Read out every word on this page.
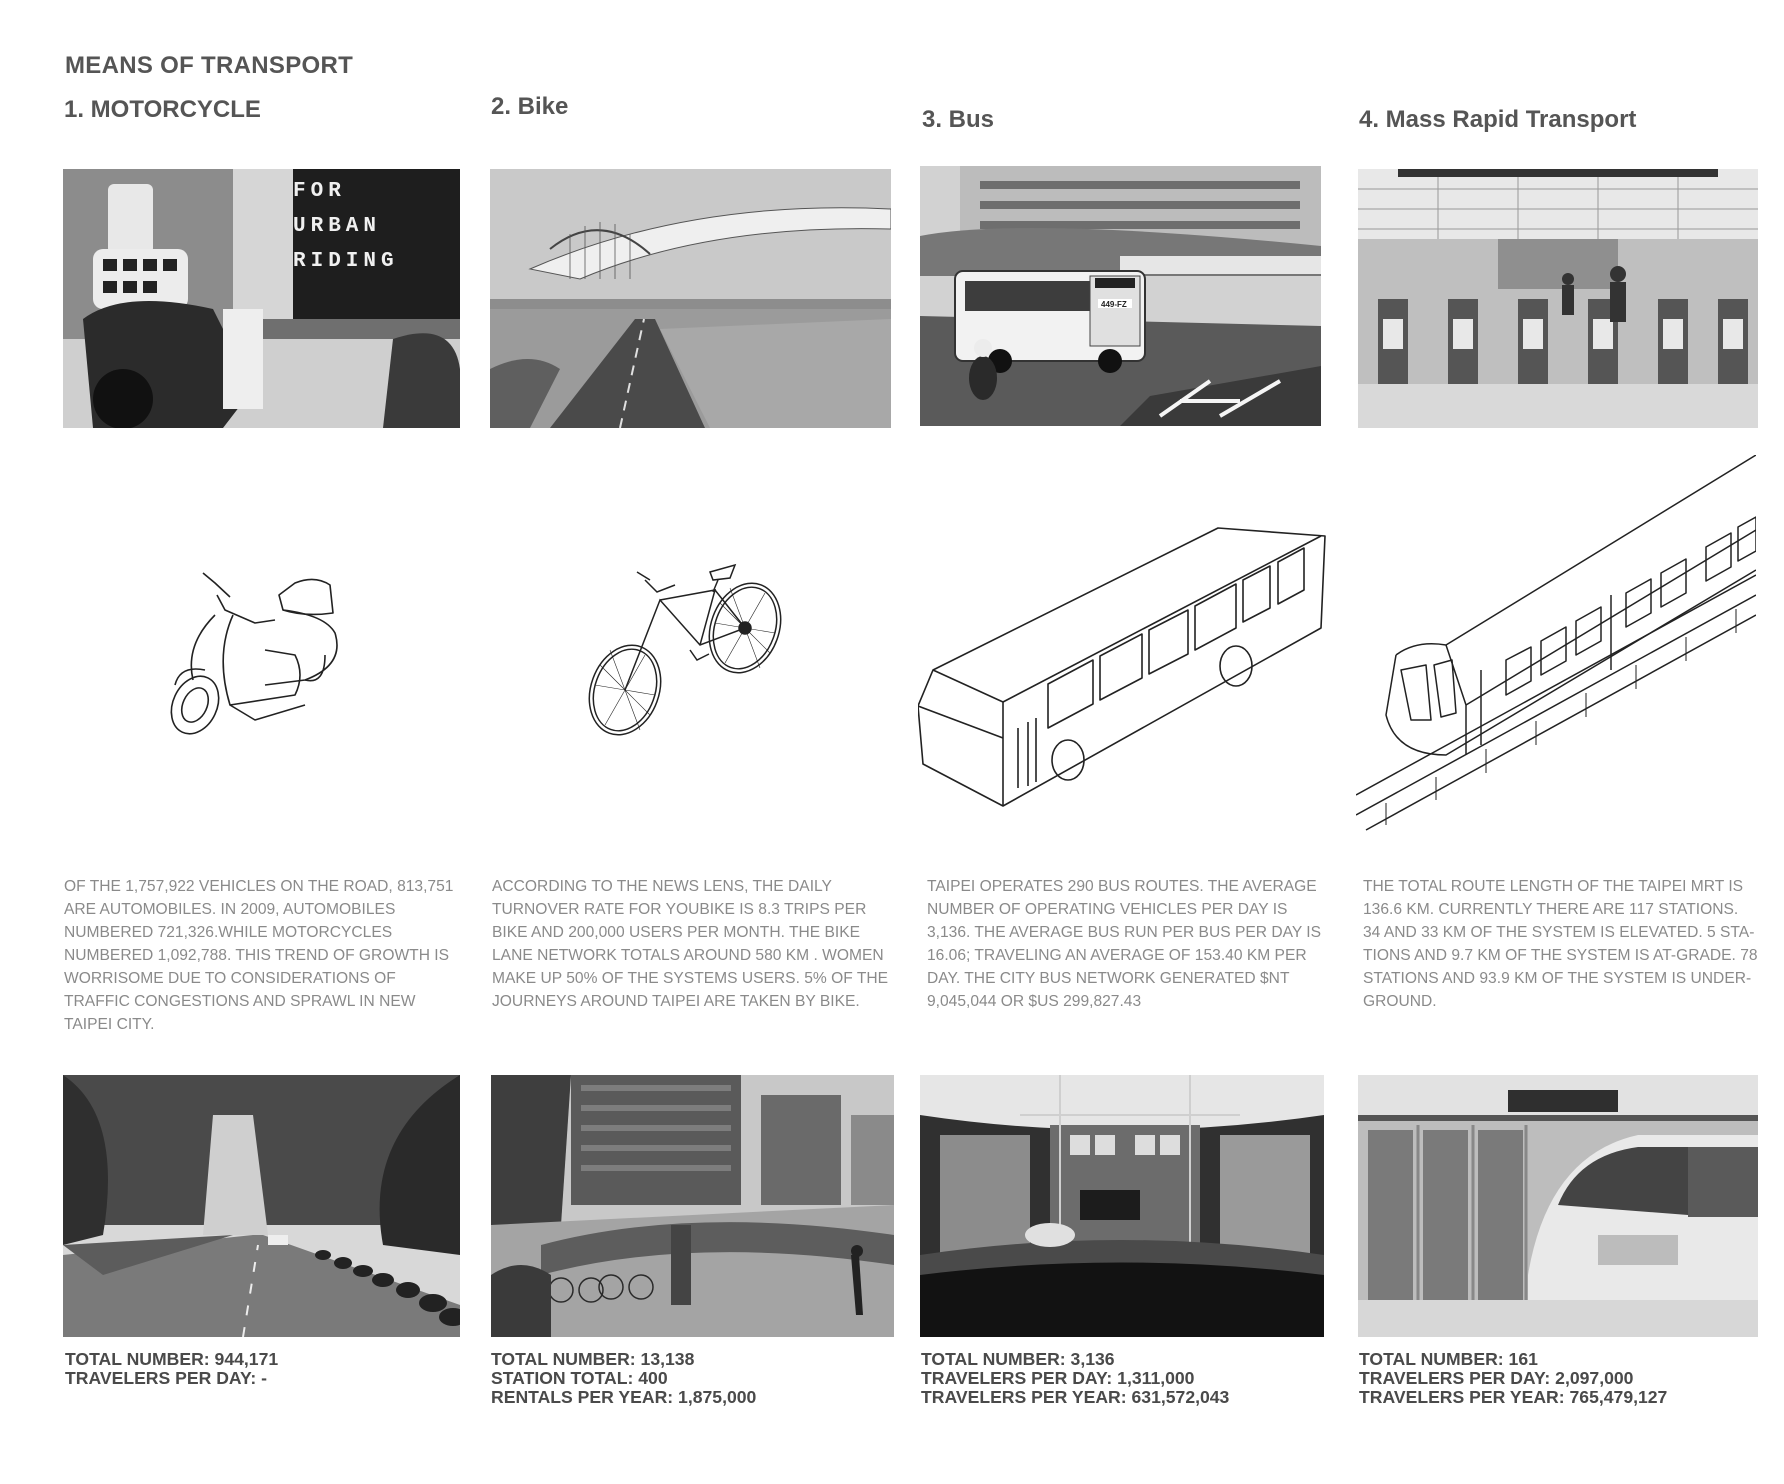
MEANS OF TRANSPORT
1. MOTORCYCLE	2. Bike	3. Bus	4. Mass Rapid Transport
FOR
URBAN
RIDING
449-FZ

OF THE 1,757,922 VEHICLES ON THE ROAD, 813,751 ARE AUTOMOBILES. IN 2009, AUTOMOBILES NUMBERED 721,326.WHILE MOTORCYCLES NUMBERED 1,092,788. THIS TREND OF GROWTH IS WORRISOME DUE TO CONSIDERATIONS OF TRAFFIC CONGESTIONS AND SPRAWL IN NEW TAIPEI CITY.

ACCORDING TO THE NEWS LENS, THE DAILY TURNOVER RATE FOR YOUBIKE IS 8.3 TRIPS PER BIKE AND 200,000 USERS PER MONTH. THE BIKE LANE NETWORK TOTALS AROUND 580 KM . WOMEN MAKE UP 50% OF THE SYSTEMS USERS. 5% OF THE JOURNEYS AROUND TAIPEI ARE TAKEN BY BIKE.

TAIPEI OPERATES 290 BUS ROUTES. THE AVERAGE NUMBER OF OPERATING VEHICLES PER DAY IS 3,136. THE AVERAGE BUS RUN PER BUS PER DAY IS 16.06; TRAVELING AN AVERAGE OF 153.40 KM PER DAY. THE CITY BUS NETWORK GENERATED $NT 9,045,044 OR $US 299,827.43

THE TOTAL ROUTE LENGTH OF THE TAIPEI MRT IS 136.6 KM. CURRENTLY THERE ARE 117 STATIONS. 34 AND 33 KM OF THE SYSTEM IS ELEVATED. 5 STA- TIONS AND 9.7 KM OF THE SYSTEM IS AT-GRADE. 78 STATIONS AND 93.9 KM OF THE SYSTEM IS UNDER- GROUND.

TOTAL NUMBER: 944,171
TRAVELERS PER DAY: -
TOTAL NUMBER: 13,138
STATION TOTAL: 400
RENTALS PER YEAR: 1,875,000
TOTAL NUMBER: 3,136
TRAVELERS PER DAY: 1,311,000
TRAVELERS PER YEAR: 631,572,043
TOTAL NUMBER: 161
TRAVELERS PER DAY: 2,097,000
TRAVELERS PER YEAR: 765,479,127
